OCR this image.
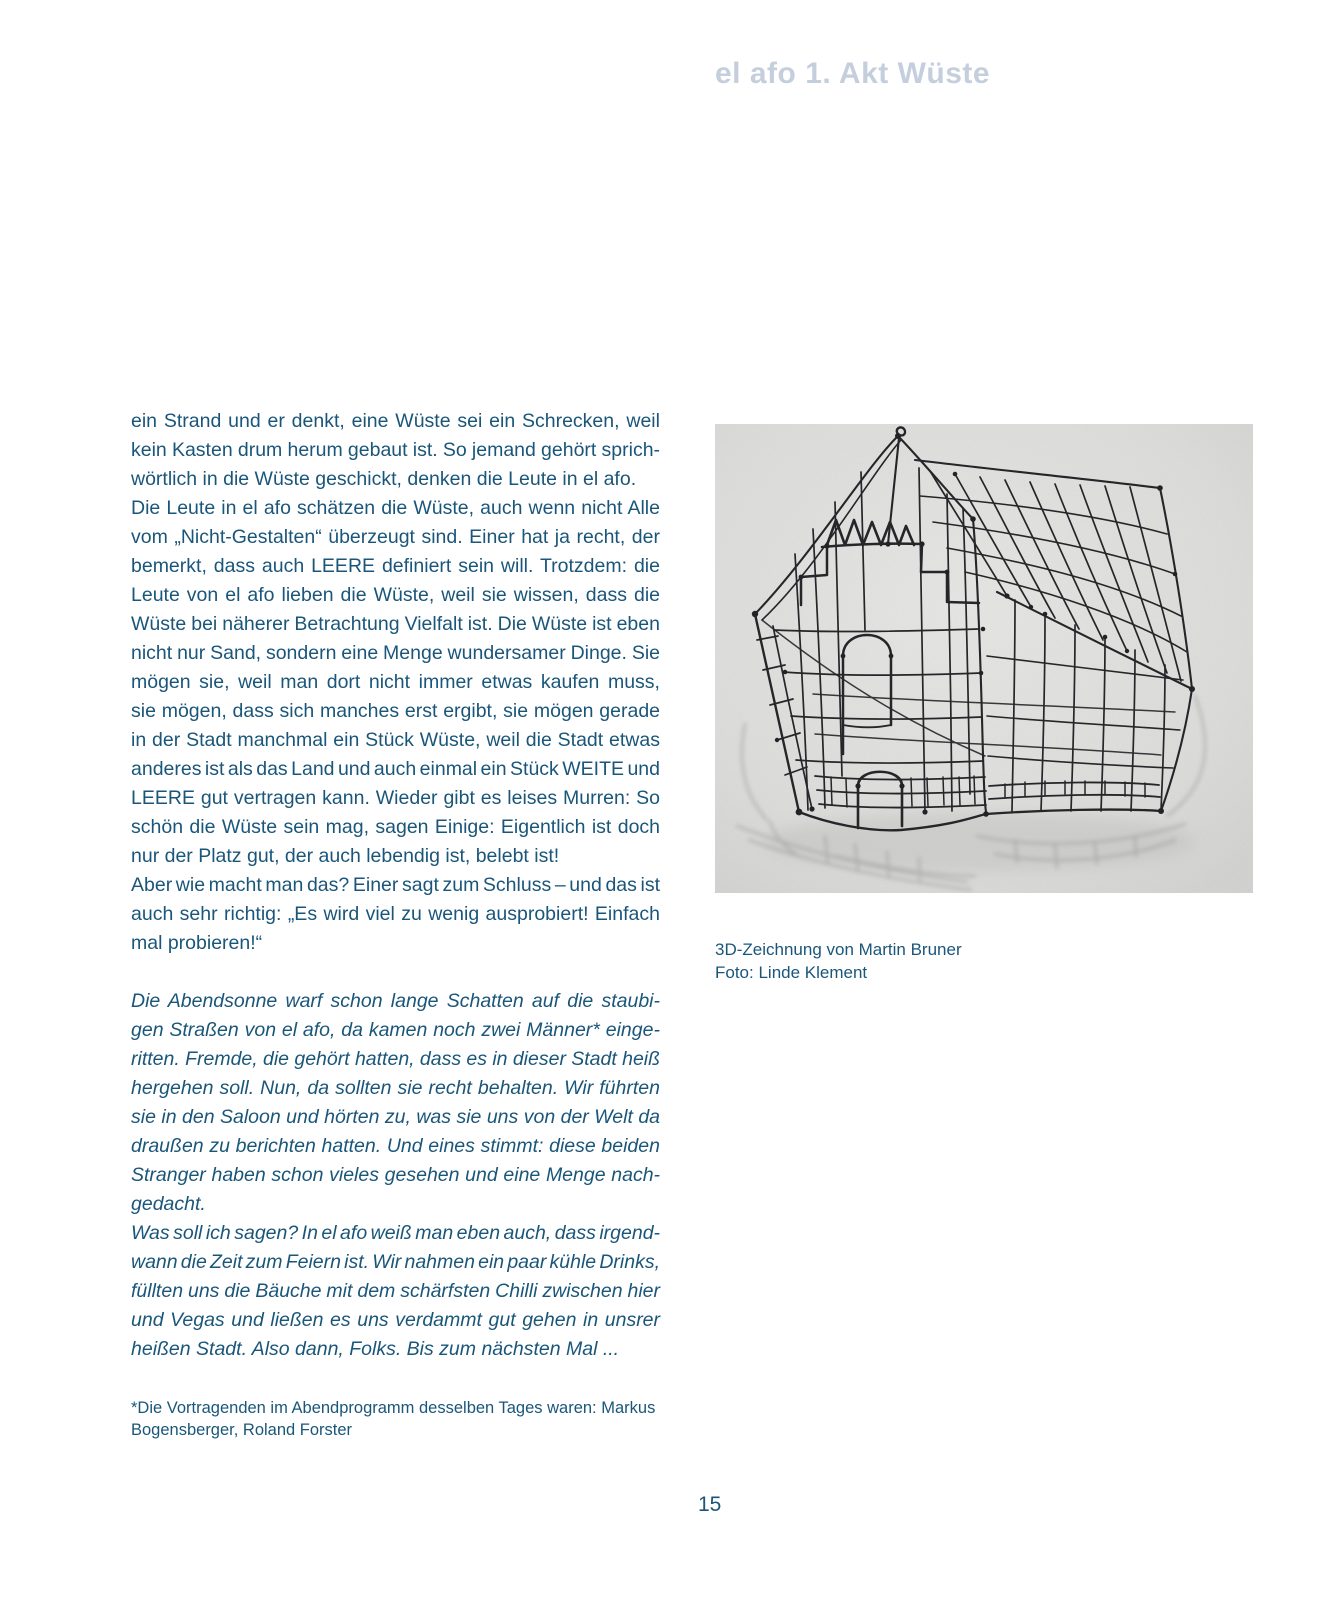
el afo 1. Akt Wüste

ein Strand und er denkt, eine Wüste sei ein Schrecken, weil
kein Kasten drum herum gebaut ist. So jemand gehört sprich-
wörtlich in die Wüste geschickt, denken die Leute in el afo.

Die Leute in el afo schätzen die Wüste, auch wenn nicht Alle
vom „Nicht-Gestalten“ überzeugt sind. Einer hat ja recht, der
bemerkt, dass auch LEERE definiert sein will. Trotzdem: die
Leute von el afo lieben die Wüste, weil sie wissen, dass die
Wüste bei näherer Betrachtung Vielfalt ist. Die Wüste ist eben
nicht nur Sand, sondern eine Menge wundersamer Dinge. Sie
mögen sie, weil man dort nicht immer etwas kaufen muss,
sie mögen, dass sich manches erst ergibt, sie mögen gerade
in der Stadt manchmal ein Stück Wüste, weil die Stadt etwas
anderes ist als das Land und auch einmal ein Stück WEITE und
LEERE gut vertragen kann. Wieder gibt es leises Murren: So
schön die Wüste sein mag, sagen Einige: Eigentlich ist doch
nur der Platz gut, der auch lebendig ist, belebt ist!

Aber wie macht man das? Einer sagt zum Schluss – und das ist
auch sehr richtig: „Es wird viel zu wenig ausprobiert! Einfach
mal probieren!“

Die Abendsonne warf schon lange Schatten auf die staubi-
gen Straßen von el afo, da kamen noch zwei Männer* einge-
ritten. Fremde, die gehört hatten, dass es in dieser Stadt heiß
hergehen soll. Nun, da sollten sie recht behalten. Wir führten
sie in den Saloon und hörten zu, was sie uns von der Welt da
draußen zu berichten hatten. Und eines stimmt: diese beiden
Stranger haben schon vieles gesehen und eine Menge nach-
gedacht.

Was soll ich sagen? In el afo weiß man eben auch, dass irgend-
wann die Zeit zum Feiern ist. Wir nahmen ein paar kühle Drinks,
füllten uns die Bäuche mit dem schärfsten Chilli zwischen hier
und Vegas und ließen es uns verdammt gut gehen in unsrer
heißen Stadt. Also dann, Folks. Bis zum nächsten Mal ...

*Die Vortragenden im Abendprogramm desselben Tages waren: Markus
Bogensberger, Roland Forster

3D-Zeichnung von Martin Bruner
Foto: Linde Klement

15
